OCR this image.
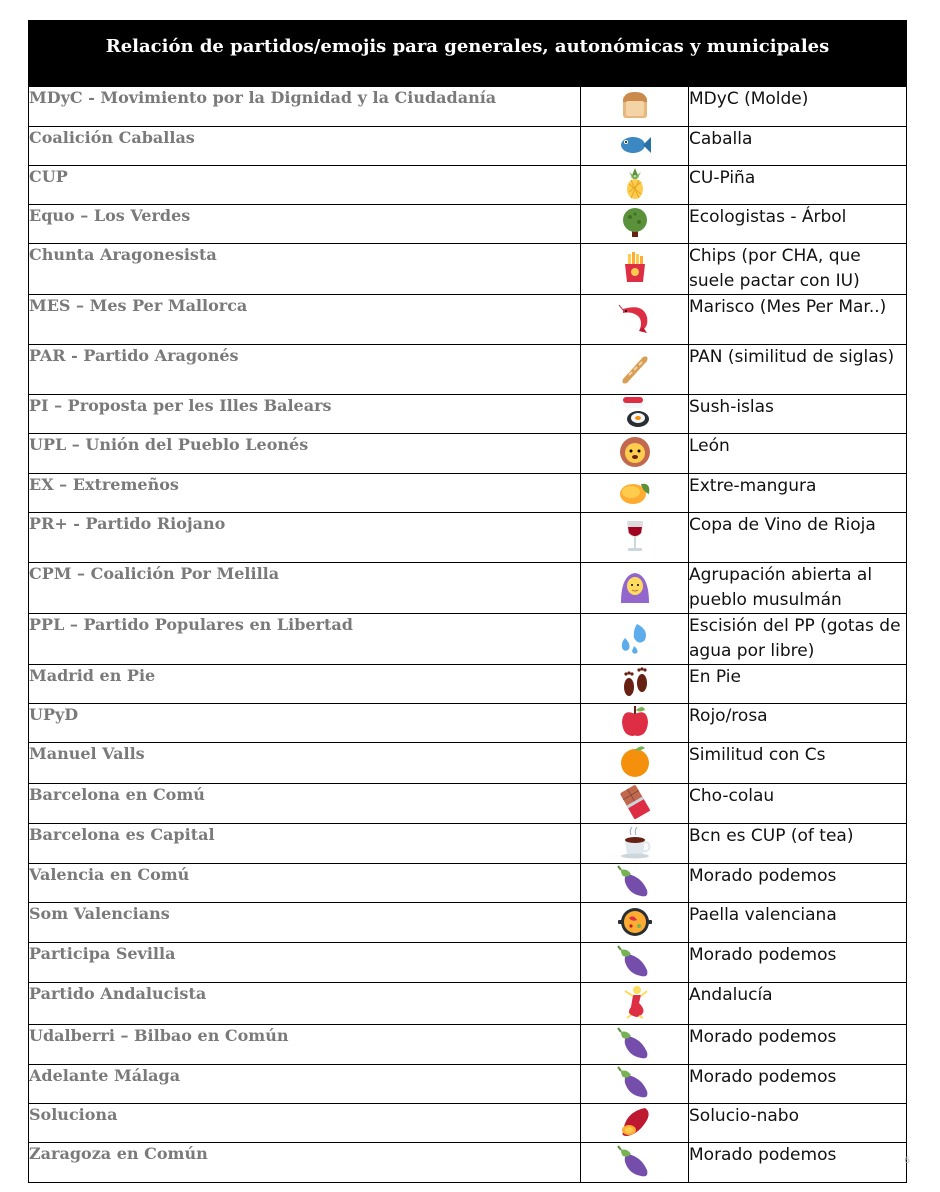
Relación de partidos/emojis para generales, autonómicas y municipales		
MDyC - Movimiento por la Dignidad y la Ciudadanía		MDyC (Molde)
Coalición Caballas		Caballa
CUP		CU-Piña
Equo – Los Verdes		Ecologistas - Árbol
Chunta Aragonesista		Chips (por CHA, que suele pactar con IU)
MES – Mes Per Mallorca		Marisco (Mes Per Mar..)
PAR - Partido Aragonés		PAN (similitud de siglas)
PI – Proposta per les Illes Balears		Sush-islas
UPL – Unión del Pueblo Leonés		León
EX – Extremeños		Extre-mangura
PR+ - Partido Riojano		Copa de Vino de Rioja
CPM – Coalición Por Melilla		Agrupación abierta al pueblo musulmán
PPL – Partido Populares en Libertad		Escisión del PP (gotas de agua por libre)
Madrid en Pie		En Pie
UPyD		Rojo/rosa
Manuel Valls		Similitud con Cs
Barcelona en Comú		Cho-colau
Barcelona es Capital		Bcn es CUP (of tea)
Valencia en Comú		Morado podemos
Som Valencians		Paella valenciana
Participa Sevilla		Morado podemos
Partido Andalucista		Andalucía
Udalberri – Bilbao en Común		Morado podemos
Adelante Málaga		Morado podemos
Soluciona		Solucio-nabo
Zaragoza en Común		Morado podemos	6
